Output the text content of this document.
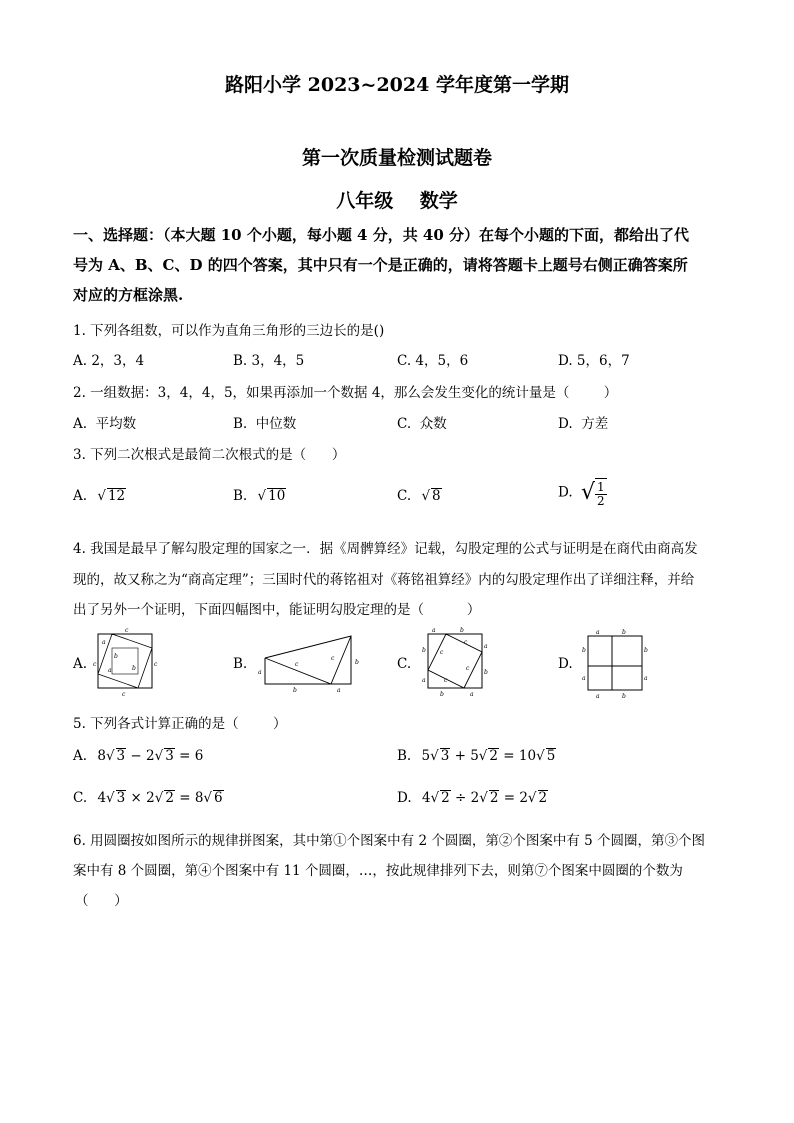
路阳小学 2023~2024 学年度第一学期
第一次质量检测试题卷
八年级    数学
一、选择题：（本大题 10 个小题，每小题 4 分，共 40 分）在每个小题的下面，都给出了代
号为 A、B、C、D 的四个答案，其中只有一个是正确的，请将答题卡上题号右侧正确答案所
对应的方框涂黑.
1. 下列各组数，可以作为直角三角形的三边长的是()
A. 2，3，4	B. 3，4，5	C. 4，5，6	D. 5，6，7
2. 一组数据：3，4，4，5，如果再添加一个数据 4，那么会发生变化的统计量是（        ）
A.  平均数	B.  中位数	C.  众数	D.  方差
3. 下列二次根式是最简二次根式的是（      ）
A. √ 12	B. √ 10	C. √ 8	D. √ $\frac{1}{2}$
4. 我国是最早了解勾股定理的国家之一．据《周髀算经》记载，勾股定理的公式与证明是在商代由商高发
现的，故又称之为“商高定理”；三国时代的蒋铭祖对《蒋铭祖算经》内的勾股定理作出了详细注释，并给
出了另外一个证明，下面四幅图中，能证明勾股定理的是（          ）
A.	B.	C.	D.
c
a
b
c	c
c
b
a	a
b	a
b
c
c
a	b
b
a
a
b
b	a
c
c
c
c
a	b
b
a
b
a
a	b
5. 下列各式计算正确的是（        ）
A. 8√ 3 − 2√ 3 = 6	B. 5√ 3 + 5√ 2 = 10√ 5
C. 4√ 3 × 2√ 2 = 8√ 6	D. 4√ 2 ÷ 2√ 2 = 2√ 2
6. 用圆圈按如图所示的规律拼图案，其中第①个图案中有 2 个圆圈，第②个图案中有 5 个圆圈，第③个图
案中有 8 个圆圈，第④个图案中有 11 个圆圈，…，按此规律排列下去，则第⑦个图案中圆圈的个数为
（      ）
